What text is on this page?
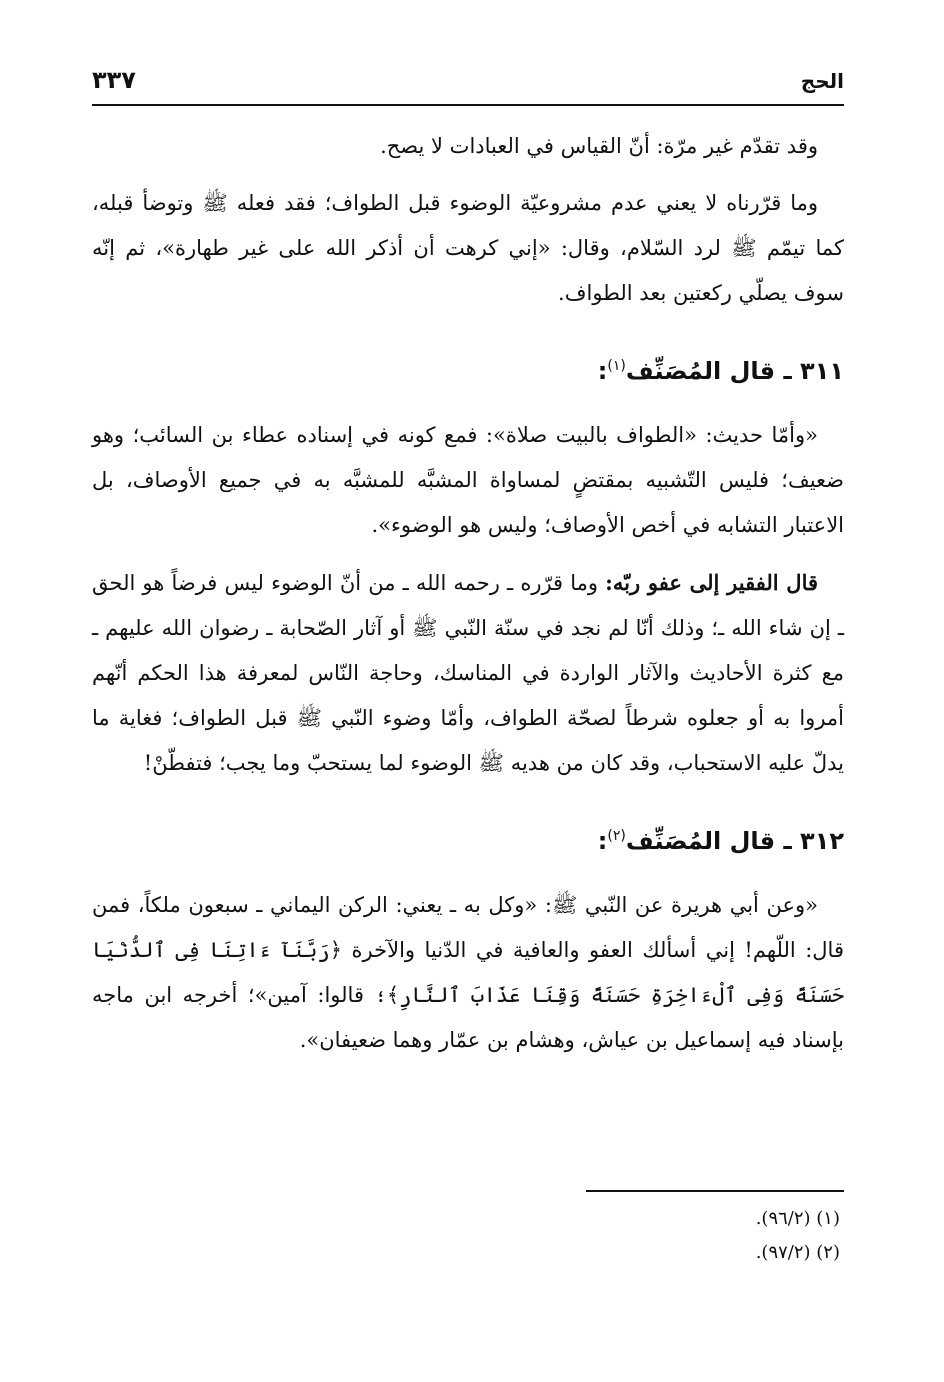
الحج
٣٣٧

وقد تقدّم غير مرّة: أنّ القياس في العبادات لا يصح.

وما قرّرناه لا يعني عدم مشروعيّة الوضوء قبل الطواف؛ فقد فعله ﷺ وتوضأ قبله، كما تيمّم ﷺ لرد السّلام، وقال: «إني كرهت أن أذكر الله على غير طهارة»، ثم إنّه سوف يصلّي ركعتين بعد الطواف.

٣١١ ـ قال المُصَنِّف$^{(١)}$:

«وأمّا حديث: «الطواف بالبيت صلاة»: فمع كونه في إسناده عطاء بن السائب؛ وهو ضعيف؛ فليس التّشبيه بمقتضٍ لمساواة المشبَّه للمشبَّه به في جميع الأوصاف، بل الاعتبار التشابه في أخص الأوصاف؛ وليس هو الوضوء».

قال الفقير إلى عفو ربّه: وما قرّره ـ رحمه الله ـ من أنّ الوضوء ليس فرضاً هو الحق ـ إن شاء الله ـ؛ وذلك أنّا لم نجد في سنّة النّبي ﷺ أو آثار الصّحابة ـ رضوان الله عليهم ـ مع كثرة الأحاديث والآثار الواردة في المناسك، وحاجة النّاس لمعرفة هذا الحكم أنّهم أمروا به أو جعلوه شرطاً لصحّة الطواف، وأمّا وضوء النّبي ﷺ قبل الطواف؛ فغاية ما يدلّ عليه الاستحباب، وقد كان من هديه ﷺ الوضوء لما يستحبّ وما يجب؛ فتفطّنْ!

٣١٢ ـ قال المُصَنِّف$^{(٢)}$:

«وعن أبي هريرة عن النّبي ﷺ: «وكل به ـ يعني: الركن اليماني ـ سبعون ملكاً، فمن قال: اللّهم! إني أسألك العفو والعافية في الدّنيا والآخرة ﴿رَبَّنَآ ءَاتِنَا فِى ٱلدُّنْيَا حَسَنَةً وَفِى ٱلْءَاخِرَةِ حَسَنَةً وَقِنَا عَذَابَ ٱلنَّارِ﴾؛ قالوا: آمين»؛ أخرجه ابن ماجه بإسناد فيه إسماعيل بن عياش، وهشام بن عمّار وهما ضعيفان».

(١) (٩٦/٢).
(٢) (٩٧/٢).
